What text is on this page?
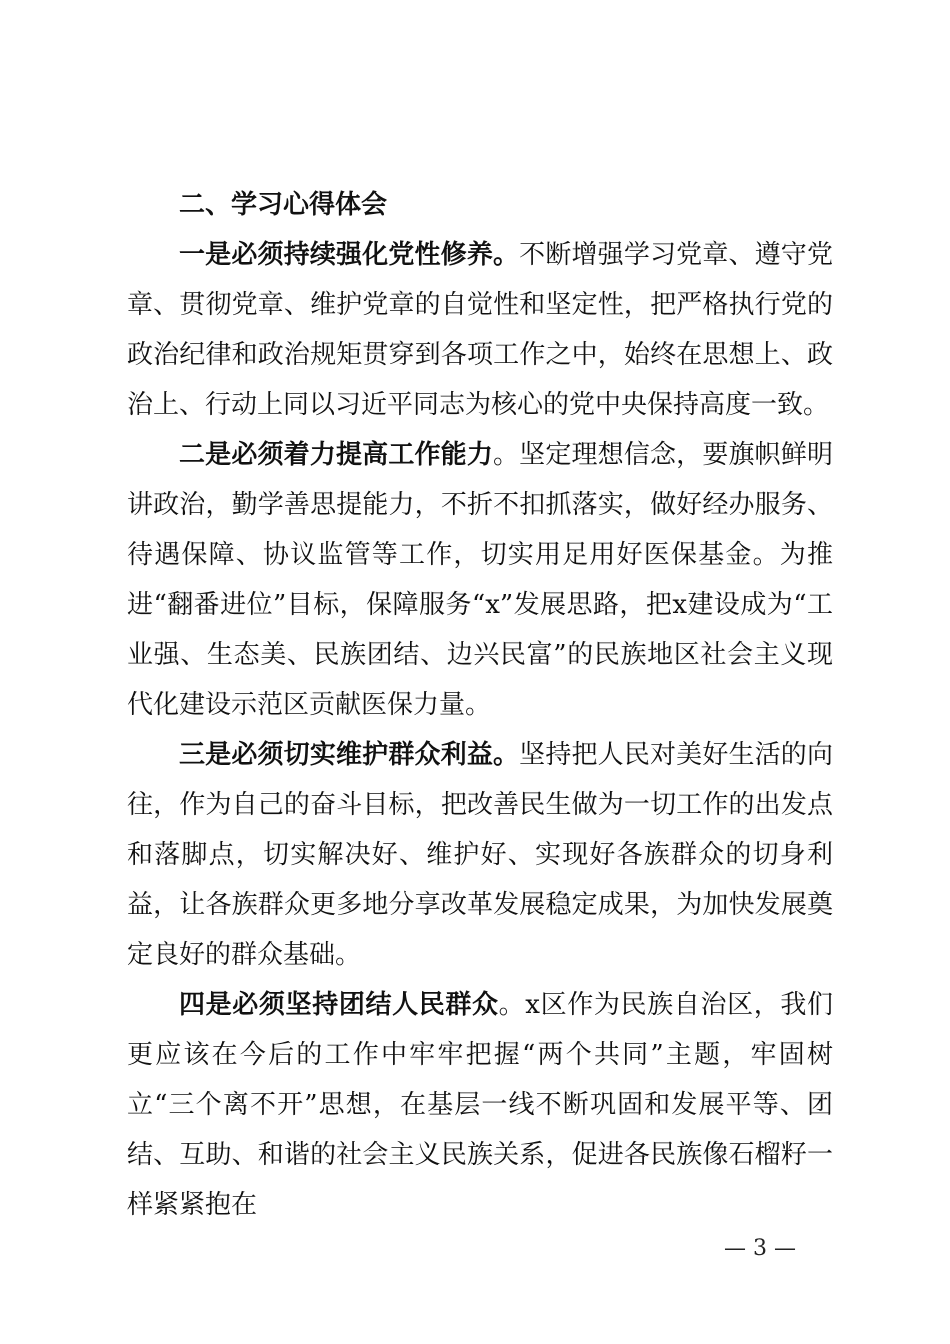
二、学习心得体会

一是必须持续强化党性修养。不断增强学习党章、遵守党章、贯彻党章、维护党章的自觉性和坚定性，把严格执行党的政治纪律和政治规矩贯穿到各项工作之中，始终在思想上、政治上、行动上同以习近平同志为核心的党中央保持高度一致。

二是必须着力提高工作能力。坚定理想信念，要旗帜鲜明讲政治，勤学善思提能力，不折不扣抓落实，做好经办服务、待遇保障、协议监管等工作，切实用足用好医保基金。为推进“翻番进位”目标，保障服务“x”发展思路，把x建设成为“工业强、生态美、民族团结、边兴民富”的民族地区社会主义现代化建设示范区贡献医保力量。

三是必须切实维护群众利益。坚持把人民对美好生活的向往，作为自己的奋斗目标，把改善民生做为一切工作的出发点和落脚点，切实解决好、维护好、实现好各族群众的切身利益，让各族群众更多地分享改革发展稳定成果，为加快发展奠定良好的群众基础。

四是必须坚持团结人民群众。x区作为民族自治区，我们更应该在今后的工作中牢牢把握“两个共同”主题，牢固树立“三个离不开”思想，在基层一线不断巩固和发展平等、团结、互助、和谐的社会主义民族关系，促进各民族像石榴籽一样紧紧抱在

— 3 —
